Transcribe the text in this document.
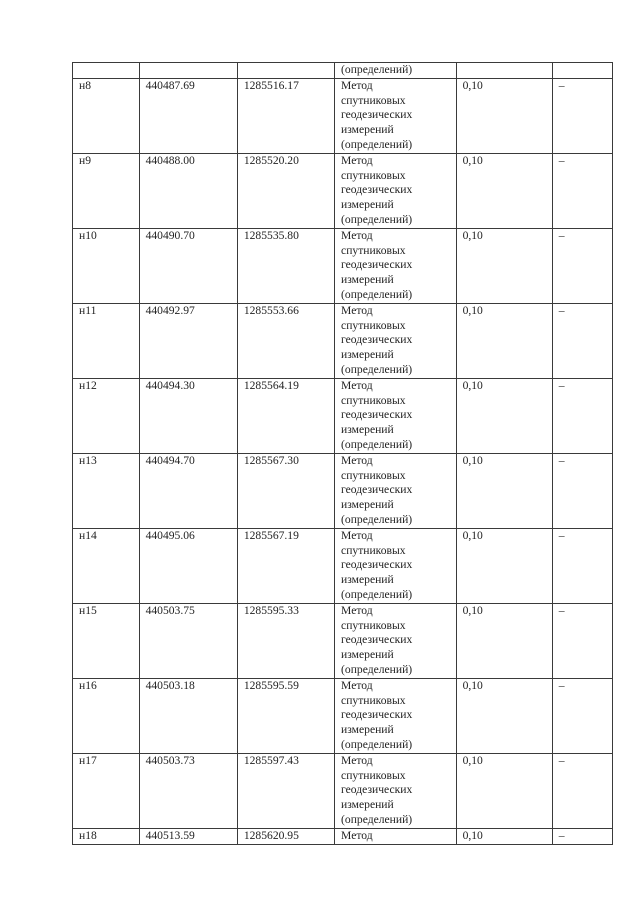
			(определений)		
н8	440487.69	1285516.17	Метод
спутниковых
геодезических
измерений
(определений)	0,10	–
н9	440488.00	1285520.20	Метод
спутниковых
геодезических
измерений
(определений)	0,10	–
н10	440490.70	1285535.80	Метод
спутниковых
геодезических
измерений
(определений)	0,10	–
н11	440492.97	1285553.66	Метод
спутниковых
геодезических
измерений
(определений)	0,10	–
н12	440494.30	1285564.19	Метод
спутниковых
геодезических
измерений
(определений)	0,10	–
н13	440494.70	1285567.30	Метод
спутниковых
геодезических
измерений
(определений)	0,10	–
н14	440495.06	1285567.19	Метод
спутниковых
геодезических
измерений
(определений)	0,10	–
н15	440503.75	1285595.33	Метод
спутниковых
геодезических
измерений
(определений)	0,10	–
н16	440503.18	1285595.59	Метод
спутниковых
геодезических
измерений
(определений)	0,10	–
н17	440503.73	1285597.43	Метод
спутниковых
геодезических
измерений
(определений)	0,10	–
н18	440513.59	1285620.95	Метод	0,10	–
